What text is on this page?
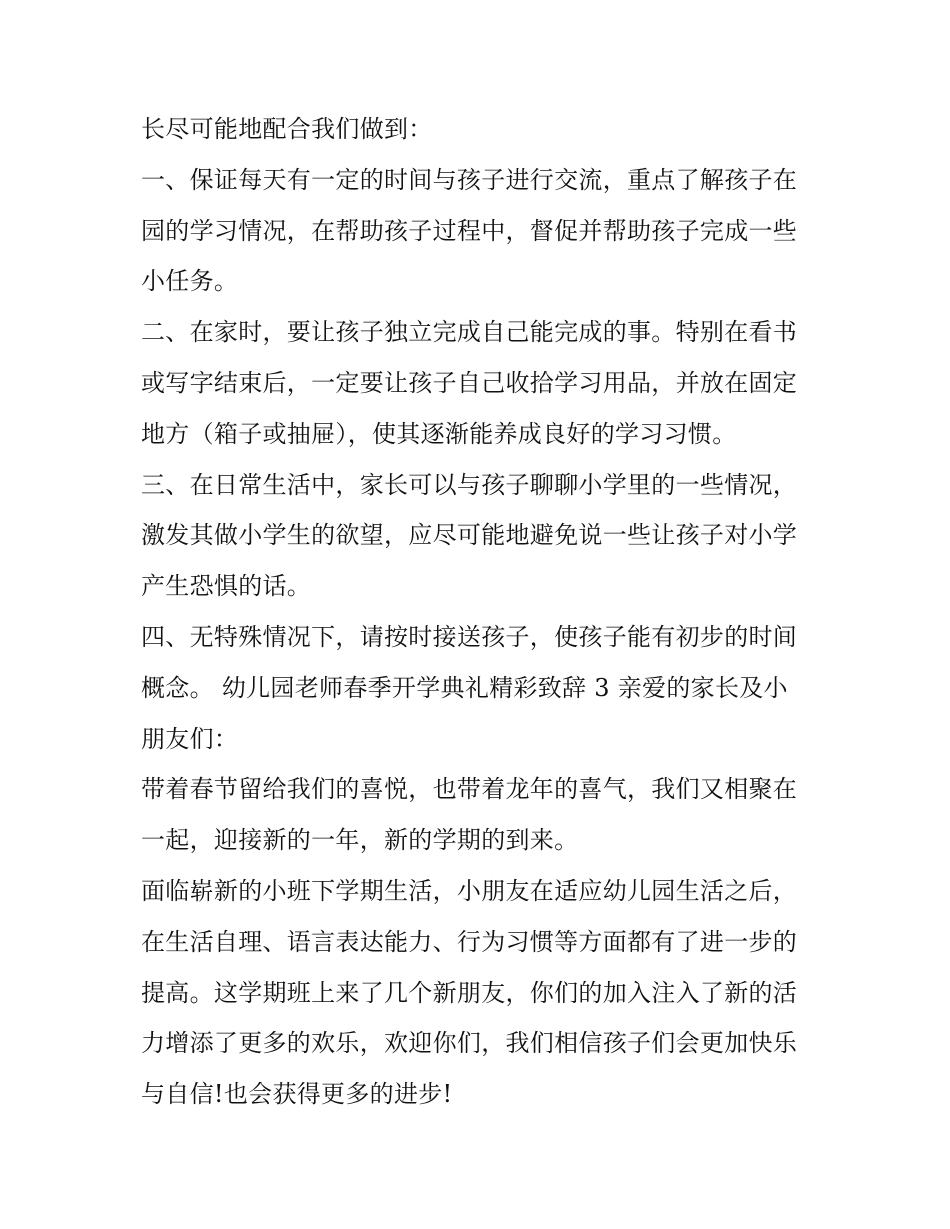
长尽可能地配合我们做到：
一、保证每天有一定的时间与孩子进行交流，重点了解孩子在
园的学习情况，在帮助孩子过程中，督促并帮助孩子完成一些
小任务。
二、在家时，要让孩子独立完成自己能完成的事。特别在看书
或写字结束后，一定要让孩子自己收拾学习用品，并放在固定
地方（箱子或抽屉），使其逐渐能养成良好的学习习惯。
三、在日常生活中，家长可以与孩子聊聊小学里的一些情况，
激发其做小学生的欲望，应尽可能地避免说一些让孩子对小学
产生恐惧的话。
四、无特殊情况下，请按时接送孩子，使孩子能有初步的时间
概念。 幼儿园老师春季开学典礼精彩致辞 3 亲爱的家长及小
朋友们：
带着春节留给我们的喜悦，也带着龙年的喜气，我们又相聚在
一起，迎接新的一年，新的学期的到来。
面临崭新的小班下学期生活，小朋友在适应幼儿园生活之后，
在生活自理、语言表达能力、行为习惯等方面都有了进一步的
提高。这学期班上来了几个新朋友，你们的加入注入了新的活
力增添了更多的欢乐，欢迎你们，我们相信孩子们会更加快乐
与自信!也会获得更多的进步!
